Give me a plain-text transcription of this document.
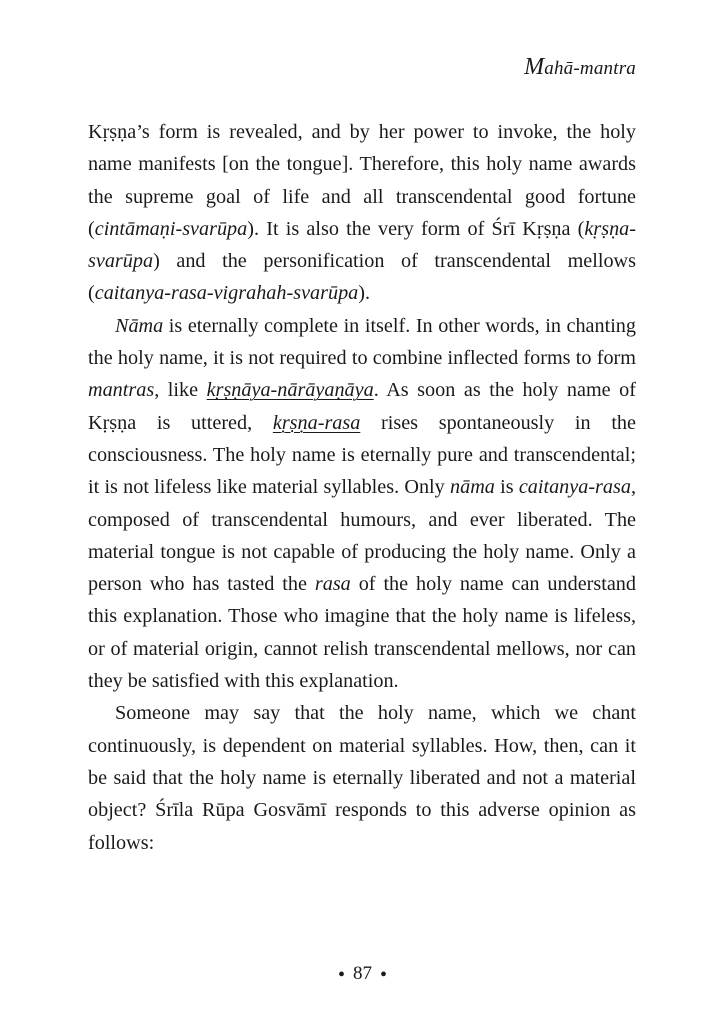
Mahā-mantra

Kṛṣṇa’s form is revealed, and by her power to invoke, the holy name manifests [on the tongue]. Therefore, this holy name awards the supreme goal of life and all transcendental good fortune (cintāmaṇi-svarūpa). It is also the very form of Śrī Kṛṣṇa (kṛṣṇa-svarūpa) and the personification of transcendental mellows (caitanya-rasa-vigrahah-svarūpa).

Nāma is eternally complete in itself. In other words, in chanting the holy name, it is not required to combine inflected forms to form mantras, like kṛṣṇāya-nārāyaṇāya. As soon as the holy name of Kṛṣṇa is uttered, kṛṣṇa-rasa rises spontaneously in the consciousness. The holy name is eternally pure and transcendental; it is not lifeless like material syllables. Only nāma is caitanya-rasa, composed of transcendental humours, and ever liberated. The material tongue is not capable of producing the holy name. Only a person who has tasted the rasa of the holy name can understand this explanation. Those who imagine that the holy name is lifeless, or of material origin, cannot relish transcendental mellows, nor can they be satisfied with this explanation.

Someone may say that the holy name, which we chant continuously, is dependent on material syllables. How, then, can it be said that the holy name is eternally liberated and not a material object? Śrīla Rūpa Gosvāmī responds to this adverse opinion as follows:

• 87 •
